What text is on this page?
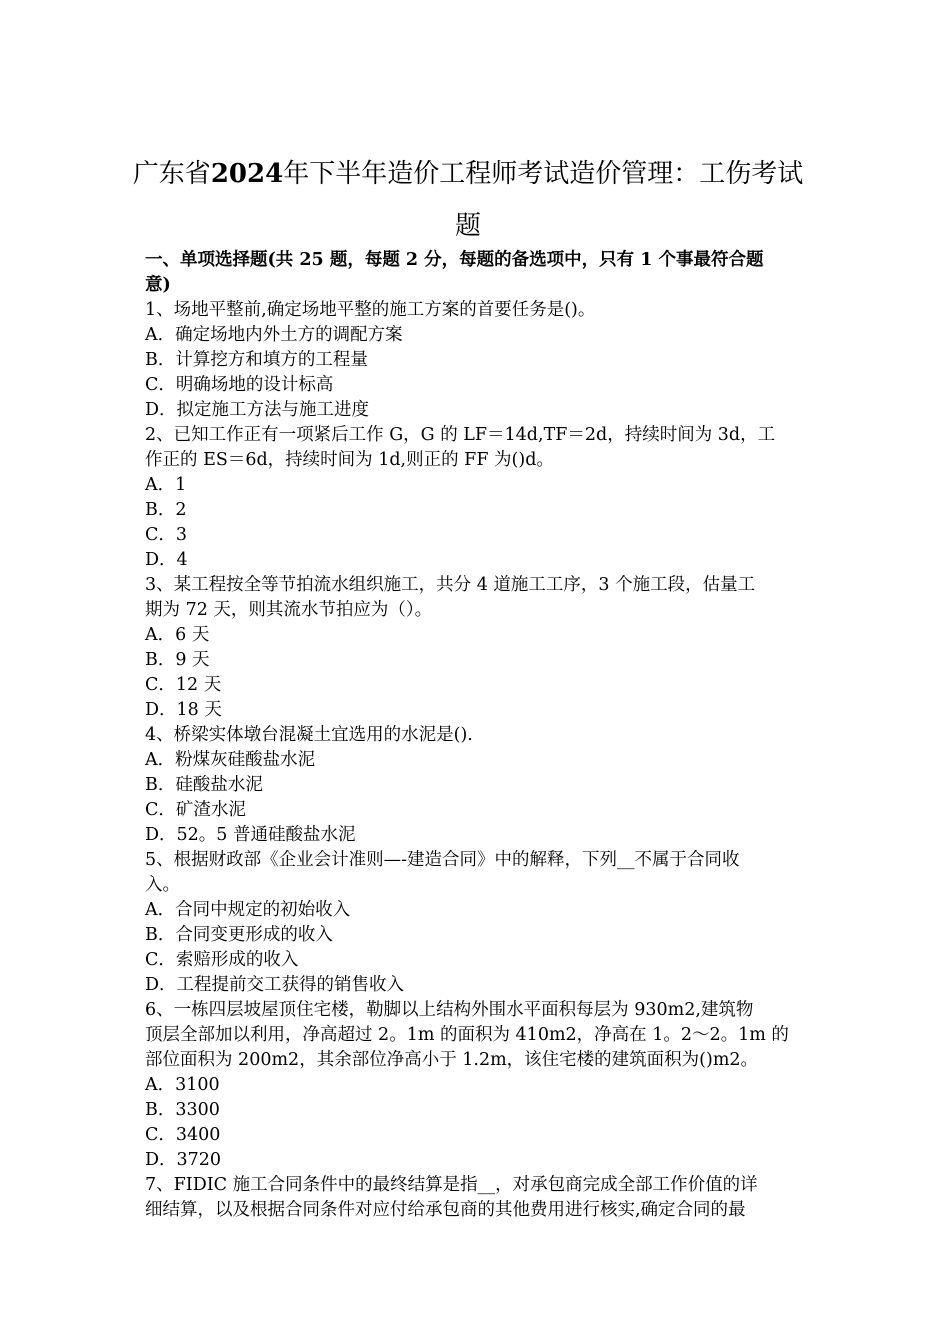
广东省2024年下半年造价工程师考试造价管理：工伤考试
题
一、单项选择题(共 25 题，每题 2 分，每题的备选项中，只有 1 个事最符合题
意)
1、场地平整前,确定场地平整的施工方案的首要任务是()。
A．确定场地内外土方的调配方案
B．计算挖方和填方的工程量
C．明确场地的设计标高
D．拟定施工方法与施工进度
2、已知工作正有一项紧后工作 G，G 的 LF＝14d,TF＝2d，持续时间为 3d，工
作正的 ES＝6d，持续时间为 1d,则正的 FF 为()d。
A．1
B．2
C．3
D．4
3、某工程按全等节拍流水组织施工，共分 4 道施工工序，3 个施工段，估量工
期为 72 天，则其流水节拍应为（）。
A．6 天
B．9 天
C．12 天
D．18 天
4、桥梁实体墩台混凝土宜选用的水泥是().
A．粉煤灰硅酸盐水泥
B．硅酸盐水泥
C．矿渣水泥
D．52。5 普通硅酸盐水泥
5、根据财政部《企业会计准则—-建造合同》中的解释，下列__不属于合同收
入。
A．合同中规定的初始收入
B．合同变更形成的收入
C．索赔形成的收入
D．工程提前交工获得的销售收入
6、一栋四层坡屋顶住宅楼，勒脚以上结构外围水平面积每层为 930m2,建筑物
顶层全部加以利用，净高超过 2。1m 的面积为 410m2，净高在 1。2～2。1m 的
部位面积为 200m2，其余部位净高小于 1.2m，该住宅楼的建筑面积为()m2。
A．3100
B．3300
C．3400
D．3720
7、FIDIC 施工合同条件中的最终结算是指__，对承包商完成全部工作价值的详
细结算，以及根据合同条件对应付给承包商的其他费用进行核实,确定合同的最
